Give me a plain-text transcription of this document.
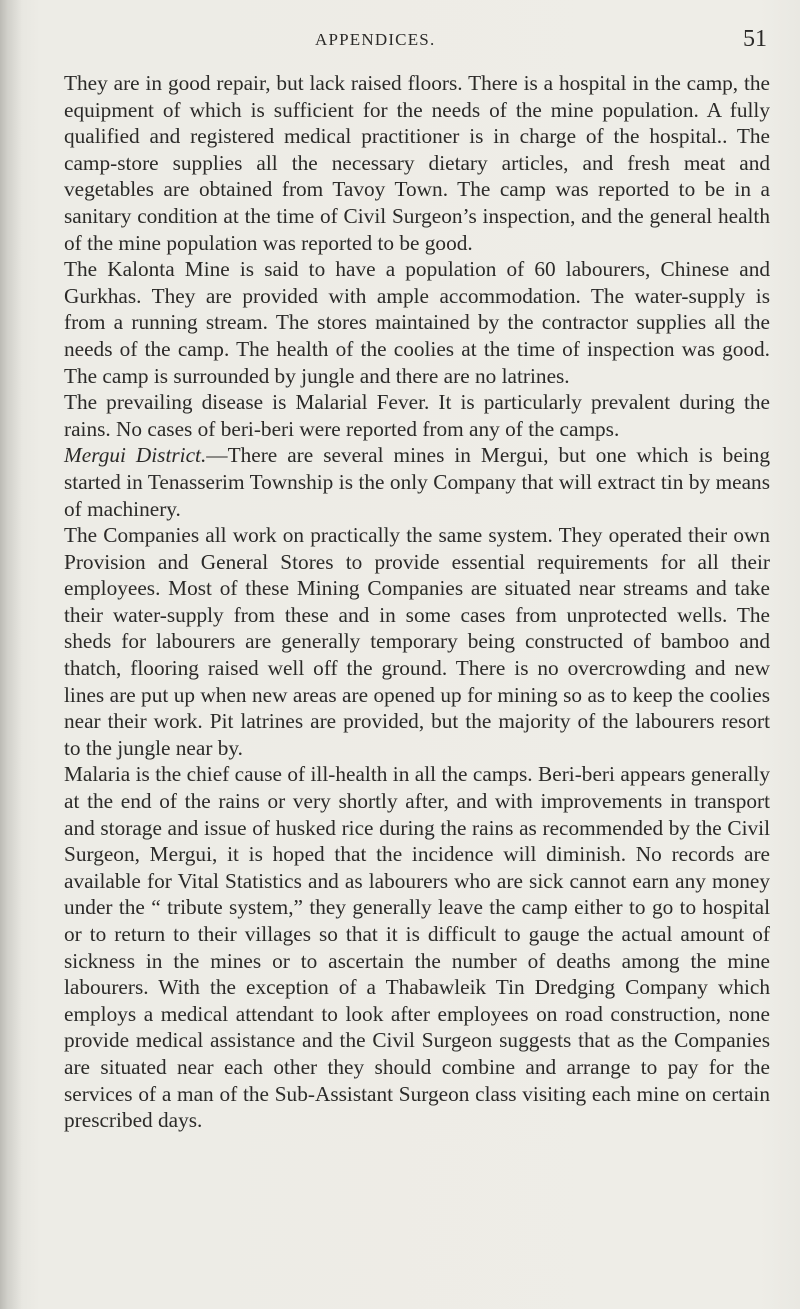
APPENDICES.	51

They are in good repair, but lack raised floors. There is a hospital in the camp, the equipment of which is sufficient for the needs of the mine population. A fully qualified and registered medical practitioner is in charge of the hospital.. The camp-store supplies all the necessary dietary articles, and fresh meat and vegetables are obtained from Tavoy Town. The camp was reported to be in a sanitary condition at the time of Civil Surgeon’s inspection, and the general health of the mine population was reported to be good.

The Kalonta Mine is said to have a population of 60 labourers, Chinese and Gurkhas. They are provided with ample accommodation. The water-supply is from a running stream. The stores maintained by the contractor supplies all the needs of the camp. The health of the coolies at the time of inspection was good. The camp is surrounded by jungle and there are no latrines.

The prevailing disease is Malarial Fever. It is particularly prevalent during the rains. No cases of beri-beri were reported from any of the camps.

Mergui District.—There are several mines in Mergui, but one which is being started in Tenasserim Township is the only Company that will extract tin by means of machinery.

The Companies all work on practically the same system. They operated their own Provision and General Stores to provide essential requirements for all their employees. Most of these Mining Companies are situated near streams and take their water-supply from these and in some cases from unprotected wells. The sheds for labourers are generally temporary being constructed of bamboo and thatch, flooring raised well off the ground. There is no overcrowding and new lines are put up when new areas are opened up for mining so as to keep the coolies near their work. Pit latrines are provided, but the majority of the labourers resort to the jungle near by.

Malaria is the chief cause of ill-health in all the camps. Beri-beri appears generally at the end of the rains or very shortly after, and with improvements in transport and storage and issue of husked rice during the rains as recommended by the Civil Surgeon, Mergui, it is hoped that the incidence will diminish. No records are available for Vital Statistics and as labourers who are sick cannot earn any money under the “ tribute system,” they generally leave the camp either to go to hospital or to return to their villages so that it is difficult to gauge the actual amount of sickness in the mines or to ascertain the number of deaths among the mine labourers. With the exception of a Thabawleik Tin Dredging Company which employs a medical attendant to look after employees on road construction, none provide medical assistance and the Civil Surgeon suggests that as the Companies are situated near each other they should combine and arrange to pay for the services of a man of the Sub-Assistant Surgeon class visiting each mine on certain prescribed days.
